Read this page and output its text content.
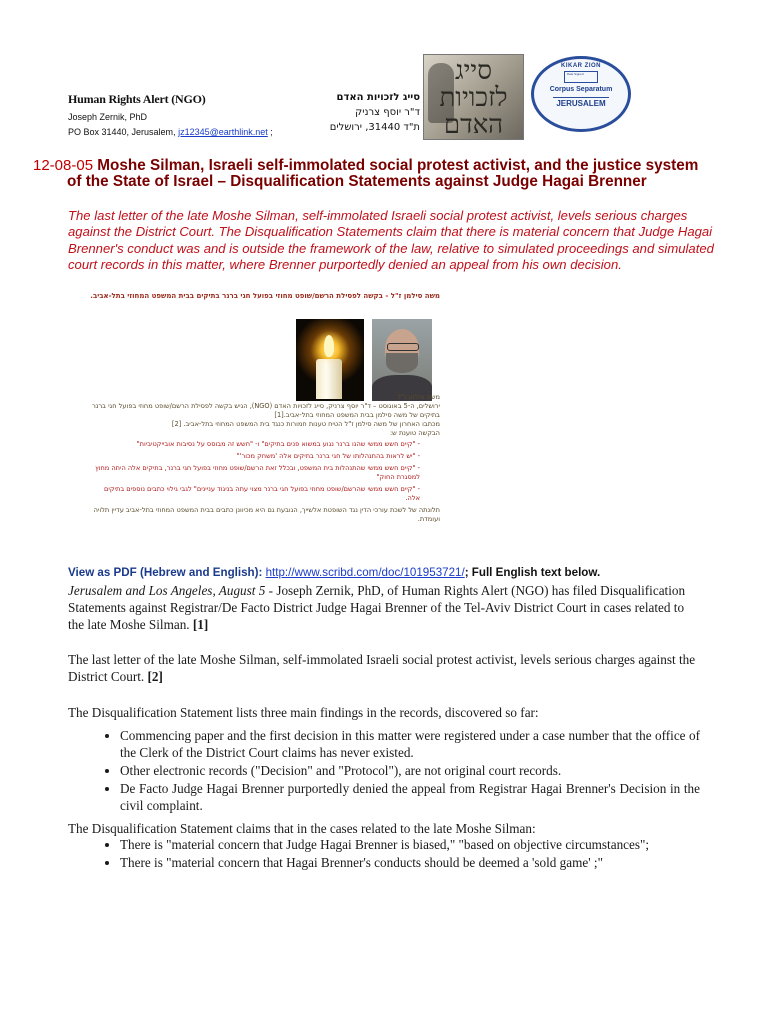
Human Rights Alert (NGO)
Joseph Zernik, PhD
PO Box 31440, Jerusalem, jz12345@earthlink.net ;
סייג לזכויות האדם
ד"ר יוסף צרניק
ת"ד 31440, ירושלים
סייג לזכויות האדם
KIKAR ZION
Date Signed
Corpus Separatum
JERUSALEM
12-08-05 Moshe Silman, Israeli self-immolated social protest activist, and the justice system
of the State of Israel – Disqualification Statements against Judge Hagai Brenner
The last letter of the late Moshe Silman, self-immolated Israeli social protest activist, levels serious charges against the District Court. The Disqualification Statements claim that there is material concern that Judge Hagai Brenner's conduct was and is outside the framework of the law, relative to simulated proceedings and simulated court records in this matter, where Brenner purportedly denied an appeal from his own decision.
משה סילמן ז"ל - בקשה לפסילת הרשם/שופט מחוזי בפועל חגי ברנר בתיקים בבית המשפט המחוזי בתל-אביב.

משה סילמן ז"ל

ירושלים, ה-5 באוגוסט – ד"ר יוסף צרניק, סייג לזכויות האדם (NGO), הגיש בקשה לפסילת הרשם/שופט מחוזי בפועל חגי ברנר בתיקים של משה סילמן בבית המשפט המחוזי בתל-אביב.[1]

מכתבו האחרון של משה סילמן ז"ל הטיח טענות חמורות כנגד בית המשפט המחוזי בתל-אביב. [2]

הבקשה טוענת ש:

- "קיים חשש ממשי שהנו ברנר נגוע במשוא פנים בתיקים" ו- "חשש זה מבוסס על נסיבות אובייקטיביות"
- "יש לראות בהתנהלותו של חגי ברנר בתיקים אלה 'משחק מכור'"
- "קיים חשש ממשי שהתנהלות בית המשפט, ובכלל זאת הרשם/שופט מחוזי בפועל חגי ברנר, בתיקים אלה היתה מחוץ למסגרת החוק"
- "קיים חשש ממשי שהרשם/שופט מחוזי בפועל חגי ברנר מצוי עתה בניגוד עניינים" לגבי גילוי כתבים נוספים בתיקים אלה.

תלונתה של לשכת עורכי הדין נגד השופטת אלשייך, הגובעת גם היא מכיוונן כתבים בבית המשפט המחוזי בתל-אביב עדיין תלויה ועומדת.

View as PDF (Hebrew and English): http://www.scribd.com/doc/101953721/; Full English text below.
Jerusalem and Los Angeles, August 5 - Joseph Zernik, PhD, of Human Rights Alert (NGO) has filed Disqualification Statements against Registrar/De Facto District Judge Hagai Brenner of the Tel-Aviv District Court in cases related to the late Moshe Silman. [1]
The last letter of the late Moshe Silman, self-immolated Israeli social protest activist, levels serious charges against the District Court. [2]
The Disqualification Statement lists three main findings in the records, discovered so far:
• Commencing paper and the first decision in this matter were registered under a case number that the office of the Clerk of the District Court claims has never existed.
• Other electronic records ("Decision" and "Protocol"), are not original court records.
• De Facto Judge Hagai Brenner purportedly denied the appeal from Registrar Hagai Brenner's Decision in the civil complaint.
The Disqualification Statement claims that in the cases related to the late Moshe Silman:
• There is "material concern that Judge Hagai Brenner is biased," "based on objective circumstances";
• There is "material concern that Hagai Brenner's conducts should be deemed a 'sold game' ;"
